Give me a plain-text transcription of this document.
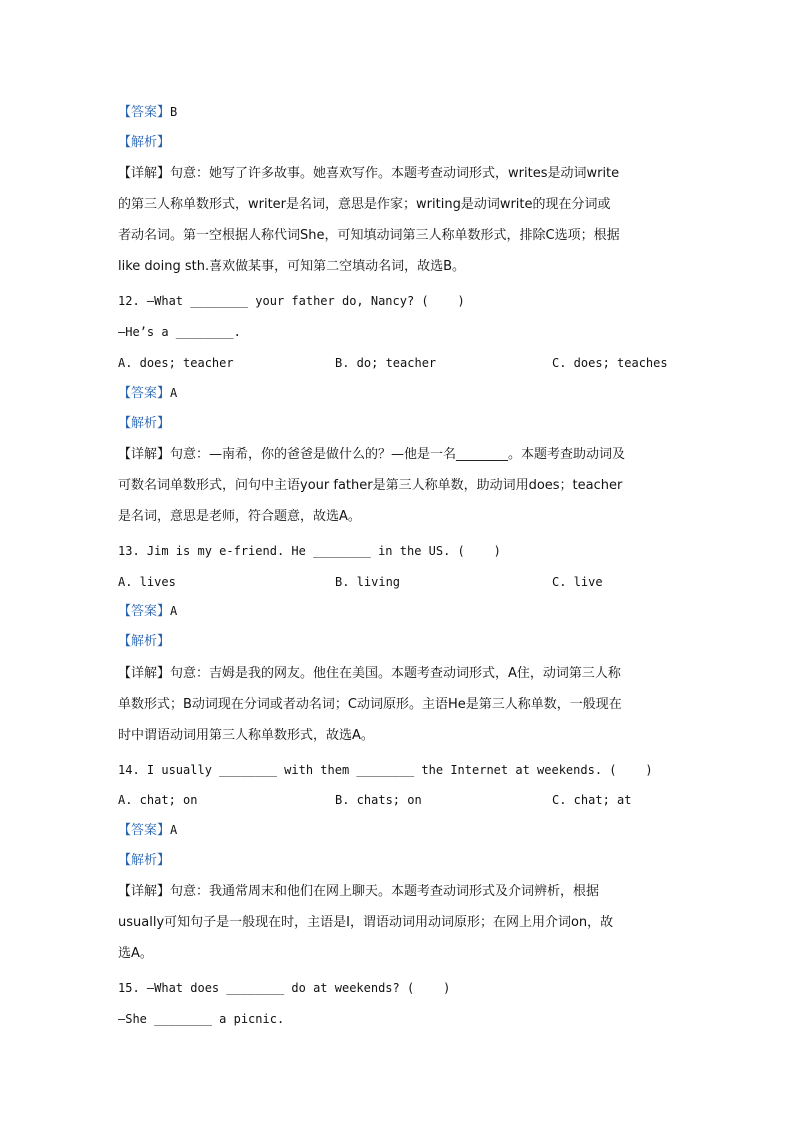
【答案】B
【解析】
【详解】句意：她写了许多故事。她喜欢写作。本题考查动词形式，writes是动词write
的第三人称单数形式，writer是名词，意思是作家；writing是动词write的现在分词或
者动名词。第一空根据人称代词She，可知填动词第三人称单数形式，排除C选项；根据
like doing sth.喜欢做某事，可知第二空填动名词，故选B。
12. —What ________ your father do, Nancy? (    )
—He’s a ________.
A. does; teacher	B. do; teacher	C. does; teaches
【答案】A
【解析】
【详解】句意：—南希，你的爸爸是做什么的？—他是一名________。本题考查助动词及
可数名词单数形式，问句中主语your father是第三人称单数，助动词用does；teacher
是名词，意思是老师，符合题意，故选A。
13. Jim is my e-friend. He ________ in the US. (    )
A. lives	B. living	C. live
【答案】A
【解析】
【详解】句意：吉姆是我的网友。他住在美国。本题考查动词形式，A住，动词第三人称
单数形式；B动词现在分词或者动名词；C动词原形。主语He是第三人称单数，一般现在
时中谓语动词用第三人称单数形式，故选A。
14. I usually ________ with them ________ the Internet at weekends. (    )
A. chat; on	B. chats; on	C. chat; at
【答案】A
【解析】
【详解】句意：我通常周末和他们在网上聊天。本题考查动词形式及介词辨析，根据
usually可知句子是一般现在时，主语是I，谓语动词用动词原形；在网上用介词on，故
选A。
15. —What does ________ do at weekends? (    )
—She ________ a picnic.
